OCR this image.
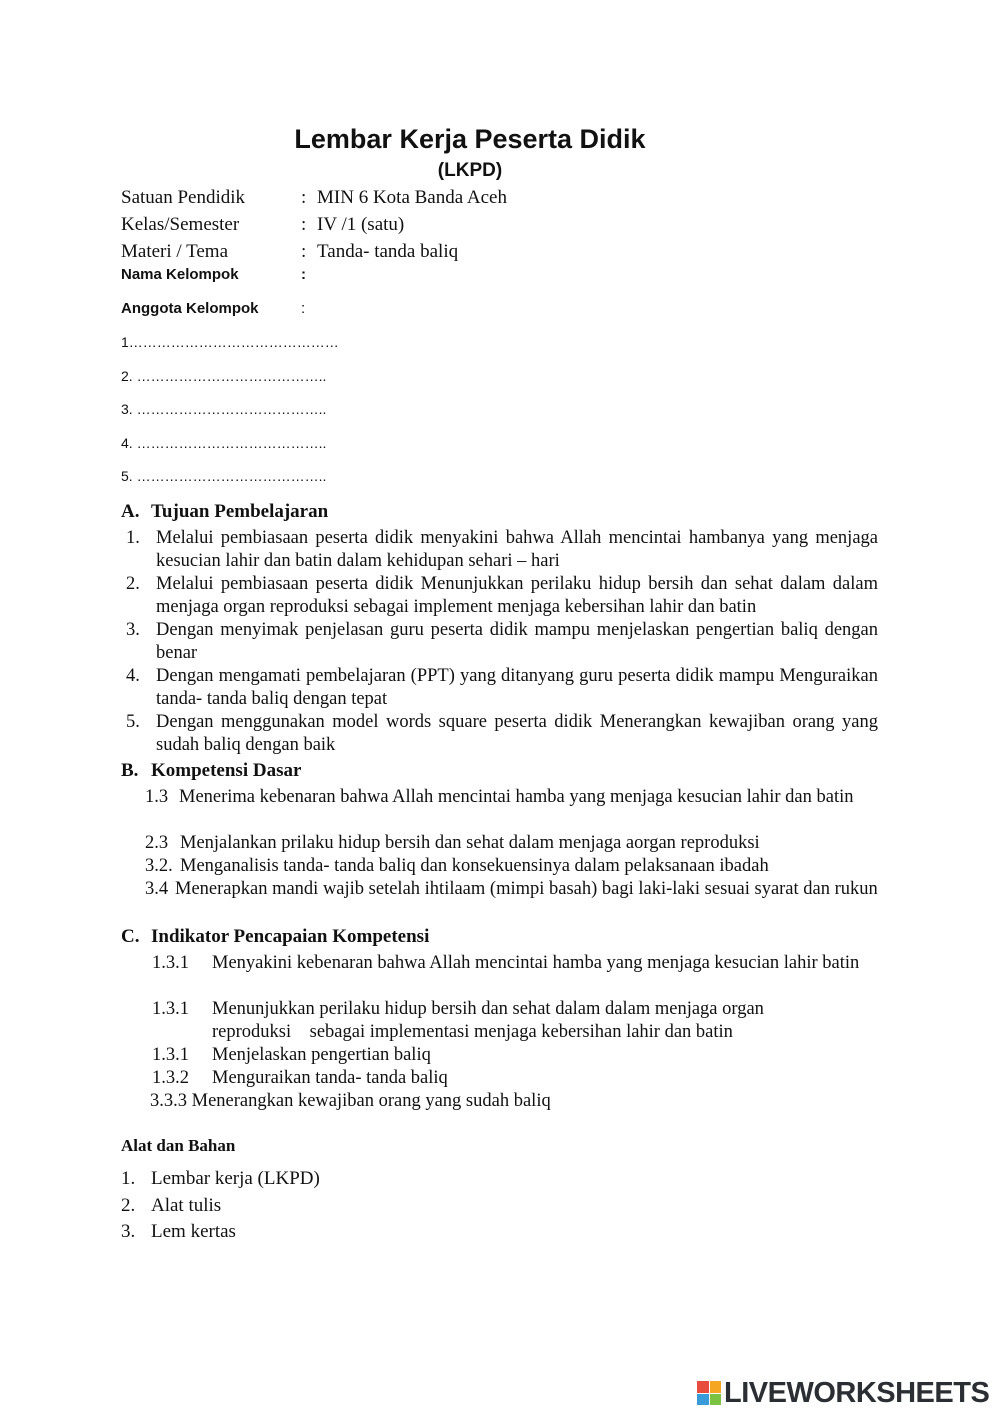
Lembar Kerja Peserta Didik
(LKPD)
Satuan Pendidik	: MIN 6 Kota Banda Aceh
Kelas/Semester	: IV /1 (satu)
Materi / Tema	: Tanda- tanda baliq
Nama Kelompok	:
Anggota Kelompok	:
1………………………………………
2. …………………………………..
3. …………………………………..
4. …………………………………..
5. …………………………………..
A. Tujuan Pembelajaran
1. Melalui pembiasaan peserta didik menyakini bahwa Allah mencintai hambanya yang menjaga kesucian lahir dan batin dalam kehidupan sehari – hari
2. Melalui pembiasaan peserta didik Menunjukkan perilaku hidup bersih dan sehat dalam dalam menjaga organ reproduksi sebagai implement menjaga kebersihan lahir dan batin
3. Dengan menyimak penjelasan guru peserta didik mampu menjelaskan pengertian baliq dengan benar
4. Dengan mengamati pembelajaran (PPT) yang ditanyang guru peserta didik mampu Menguraikan tanda- tanda baliq dengan tepat
5. Dengan menggunakan model words square peserta didik Menerangkan kewajiban orang yang sudah baliq dengan baik
B. Kompetensi Dasar
1.3 Menerima kebenaran bahwa Allah mencintai hamba yang menjaga kesucian lahir dan batin
2.3 Menjalankan prilaku hidup bersih dan sehat dalam menjaga aorgan reproduksi
3.2. Menganalisis tanda- tanda baliq dan konsekuensinya dalam pelaksanaan ibadah
3.4 Menerapkan mandi wajib setelah ihtilaam (mimpi basah) bagi laki-laki sesuai syarat dan rukun
C. Indikator Pencapaian Kompetensi
1.3.1 Menyakini kebenaran bahwa Allah mencintai hamba yang menjaga kesucian lahir batin
1.3.1 Menunjukkan perilaku hidup bersih dan sehat dalam dalam menjaga organ reproduksi    sebagai implementasi menjaga kebersihan lahir dan batin
1.3.1 Menjelaskan pengertian baliq
1.3.2 Menguraikan tanda- tanda baliq
3.3.3 Menerangkan kewajiban orang yang sudah baliq
Alat dan Bahan
1. Lembar kerja (LKPD)
2. Alat tulis
3. Lem kertas
LIVEWORKSHEETS
